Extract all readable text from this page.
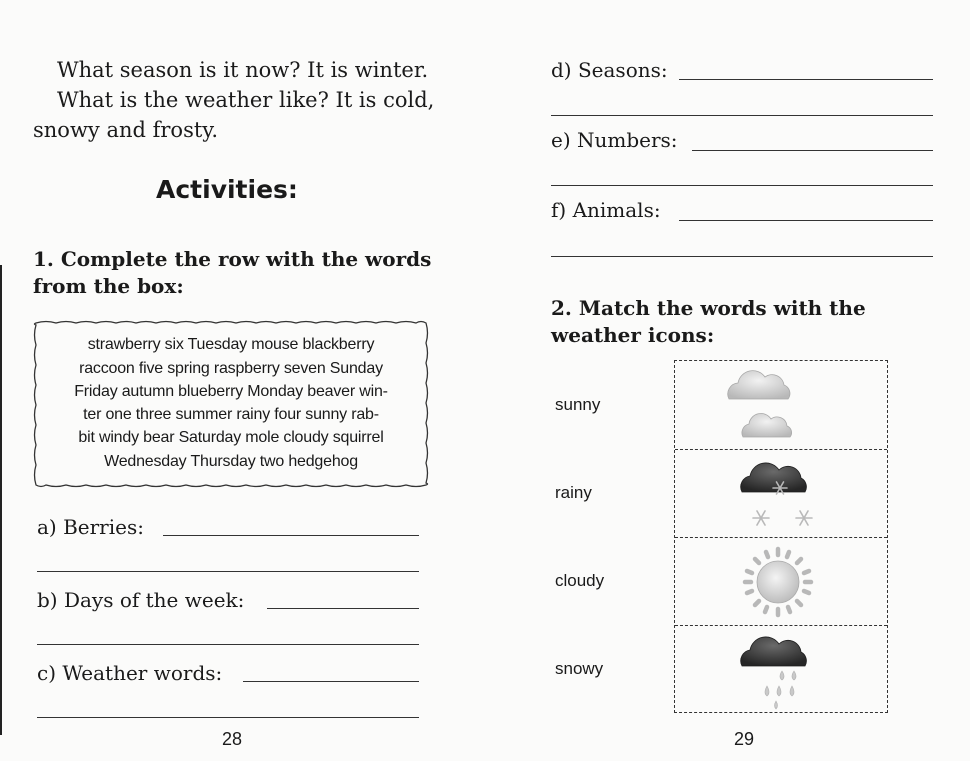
What season is it now? It is winter.
What is the weather like? It is cold,
snowy and frosty.
Activities:
1. Complete the row with the words
from the box:
strawberry six Tuesday mouse blackberry
raccoon five spring raspberry seven Sunday
Friday autumn blueberry Monday beaver win-
ter one three summer rainy four sunny rab-
bit windy bear Saturday mole cloudy squirrel
Wednesday Thursday two hedgehog
a) Berries:
b) Days of the week:
c) Weather words:
28
d) Seasons:
e) Numbers:
f) Animals:
2. Match the words with the
weather icons:
sunny
rainy
cloudy
snowy
29
